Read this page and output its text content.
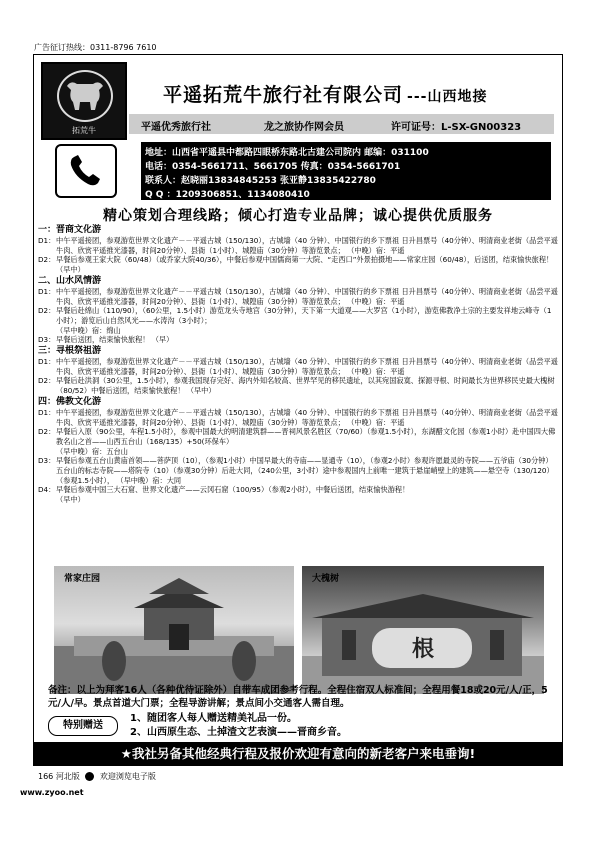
广告征订热线：0311-8796 7610
拓荒牛
平遥拓荒牛旅行社有限公司 ---山西地接
平遥优秀旅行社	龙之旅协作网会员	许可证号：L-SX-GN00323
地址：山西省平遥县中都路四眼桥东路北古建公司院内 邮编：031100
电话：0354-5661711、5661705 传真：0354-5661701
联系人：赵晓丽13834845253 张亚静13835422780
Q Q ：1209306851、1134080410
精心策划合理线路；倾心打造专业品牌；诚心提供优质服务
一：晋商文化游
D1： 中午平遥接团，参观游览世界文化遗产－－平遥古城（150/130），古城墙（40 分钟）、中国银行的乡下票祖 日升昌票号（40分钟）、明清商业老街（品尝平遥牛肉、欣赏平遥推光漆器，时间20分钟）、县衙（1小时）、城隍庙（30分钟）等游览景点； （中晚）宿：平遥
D2： 早餐后参观王家大院（60/48）（或乔家大院40/36），中餐后参观中国儒商第一大院、“走西口”外景拍摄地——常家庄园（60/48），后送团，结束愉快旅程！ （早中）
二、山水风情游
D1： 中午平遥接团，参观游览世界文化遗产－－平遥古城（150/130），古城墙（40 分钟）、中国银行的乡下票祖 日升昌票号（40分钟）、明清商业老街（品尝平遥牛肉、欣赏平遥推光漆器，时间20分钟）、县衙（1小时）、城隍庙（30分钟）等游览景点； （中晚）宿：平遥
D2： 早餐后赴绵山（110/90），（60公里，1.5小时）游览龙头寺地宫（30分钟），天下第一大道观——大罗宫（1小时），游览佛教净土宗的主要发祥地云峰寺（1小时）；游览后山自然风光——水涛沟（3小时）；
（早中晚）宿：绵山
D3： 早餐后送团，结束愉快旅程！ （早）
三：寻根祭祖游
D1： 中午平遥接团，参观游览世界文化遗产－－平遥古城（150/130），古城墙（40 分钟）、中国银行的乡下票祖 日升昌票号（40分钟）、明清商业老街（品尝平遥牛肉、欣赏平遥推光漆器，时间20分钟）、县衙（1小时）、城隍庙（30分钟）等游览景点； （中晚）宿：平遥
D2： 早餐后赴洪洞（30公里，1.5小时），参观我国现存完好、海内外知名较高、世界罕见的移民遗址，以其宛国寂寞、探源寻根、时间最长为世界移民史最大槐树（80/52）中餐后送团，结束愉快旅程！ （早中）
四：佛教文化游
D1： 中午平遥接团，参观游览世界文化遗产－－平遥古城（150/130），古城墙（40 分钟）、中国银行的乡下票祖 日升昌票号（40分钟）、明清商业老街（品尝平遥牛肉、欣赏平遥推光漆器，时间20分钟）、县衙（1小时）、城隍庙（30分钟）等游览景点； （中晚）宿：平遥
D2： 早餐后入原（90公里，车程1.5小时），参观中国最大的明清建筑群——晋祠风景名胜区（70/60）（参观1.5小时），东湖醋文化园（参观1小时）赴中国四大佛教名山之首——山西五台山（168/135）+50(环保车）
（早中晚）宿：五台山
D3： 早餐后参观五台山黄庙首领——菩萨顶（10），（参观1小时）中国早最大的寺庙——显通寺（10），（参观2小时）参观许愿最灵的寺院——五爷庙（30分钟）五台山的标志寺院——塔院寺（10）（参观30分钟）后赴大同，（240公里，3小时）途中参观国内上前唯一建筑于悬崖峭壁上的建筑——悬空寺（130/120）（参观1.5小时）， （早中晚）宿：大同
D4： 早餐后参观中国三大石窟、世界文化遗产——云冈石窟（100/95）（参观2小时），中餐后送团，结束愉快游程！
（早中）
常家庄园
根
大槐树
备注：以上为拜客16人（各种优待证除外）自带车成团参考行程。全程住宿双人标准间；全程用餐18或20元/人/正，5元/人/早。景点首道大门票；全程导游讲解；景点间小交通客人需自理。
特别赠送
1、随团客人每人赠送精美礼品一份。
2、山西原生态、土掉渣文艺表演——晋商乡音。
★我社另备其他经典行程及报价欢迎有意向的新老客户来电垂询!
166 河北版	欢迎浏览电子版
www.zyoo.net
